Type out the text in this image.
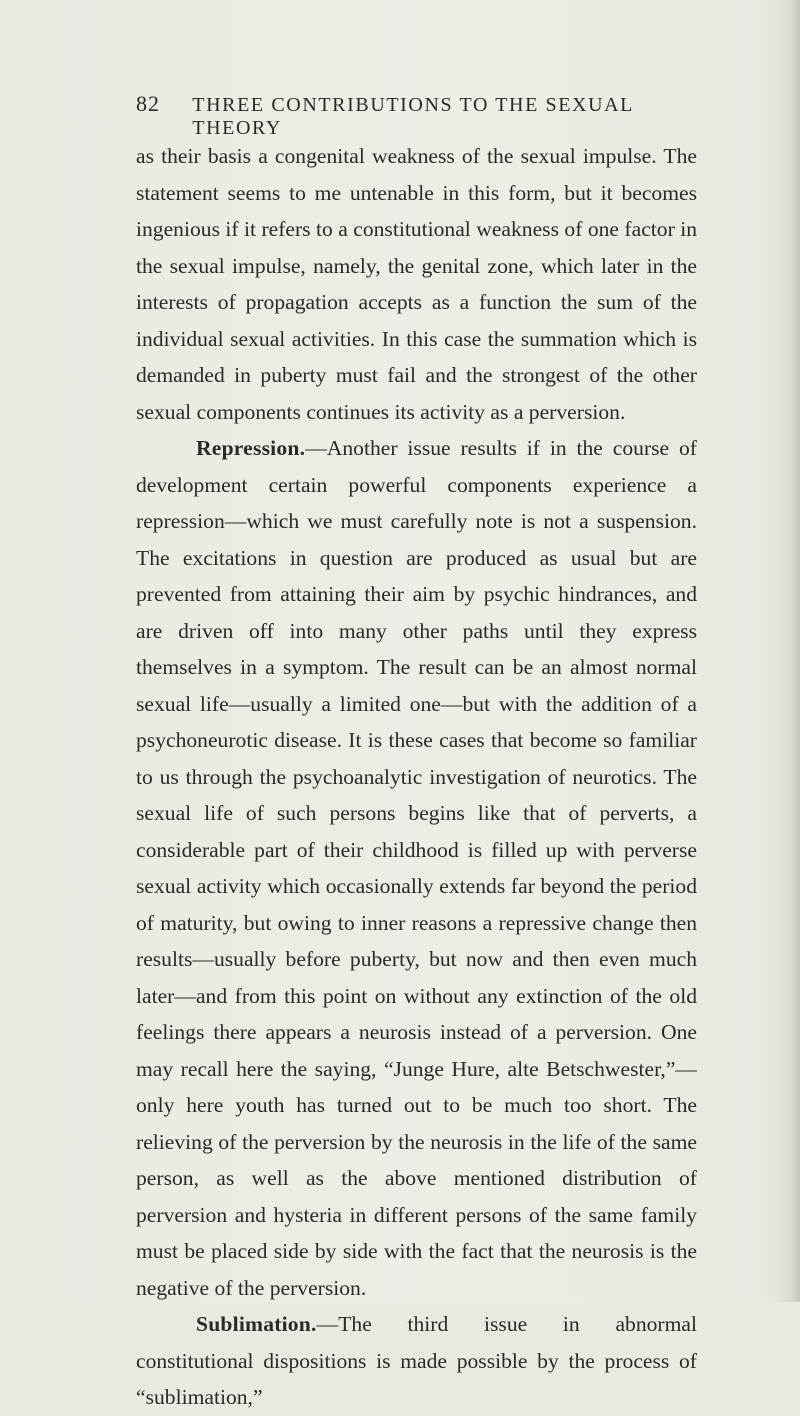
82	THREE CONTRIBUTIONS TO THE SEXUAL THEORY

as their basis a congenital weakness of the sexual impulse. The statement seems to me untenable in this form, but it becomes ingenious if it refers to a constitutional weakness of one factor in the sexual impulse, namely, the genital zone, which later in the interests of propagation accepts as a function the sum of the individual sexual activities. In this case the summation which is demanded in puberty must fail and the strongest of the other sexual components continues its activity as a perversion.

Repression.—Another issue results if in the course of development certain powerful components experience a repression—which we must carefully note is not a suspension. The excitations in question are produced as usual but are prevented from attaining their aim by psychic hindrances, and are driven off into many other paths until they express themselves in a symptom. The result can be an almost normal sexual life—usually a limited one—but with the addition of a psychoneurotic disease. It is these cases that become so familiar to us through the psychoanalytic investigation of neurotics. The sexual life of such persons begins like that of perverts, a considerable part of their childhood is filled up with perverse sexual activity which occasionally extends far beyond the period of maturity, but owing to inner reasons a repressive change then results—usually before puberty, but now and then even much later—and from this point on without any extinction of the old feelings there appears a neurosis instead of a perversion. One may recall here the saying, “Junge Hure, alte Betschwester,”—only here youth has turned out to be much too short. The relieving of the perversion by the neurosis in the life of the same person, as well as the above mentioned distribution of perversion and hysteria in different persons of the same family must be placed side by side with the fact that the neurosis is the negative of the perversion.

Sublimation.—The third issue in abnormal constitutional dispositions is made possible by the process of “sublimation,”
